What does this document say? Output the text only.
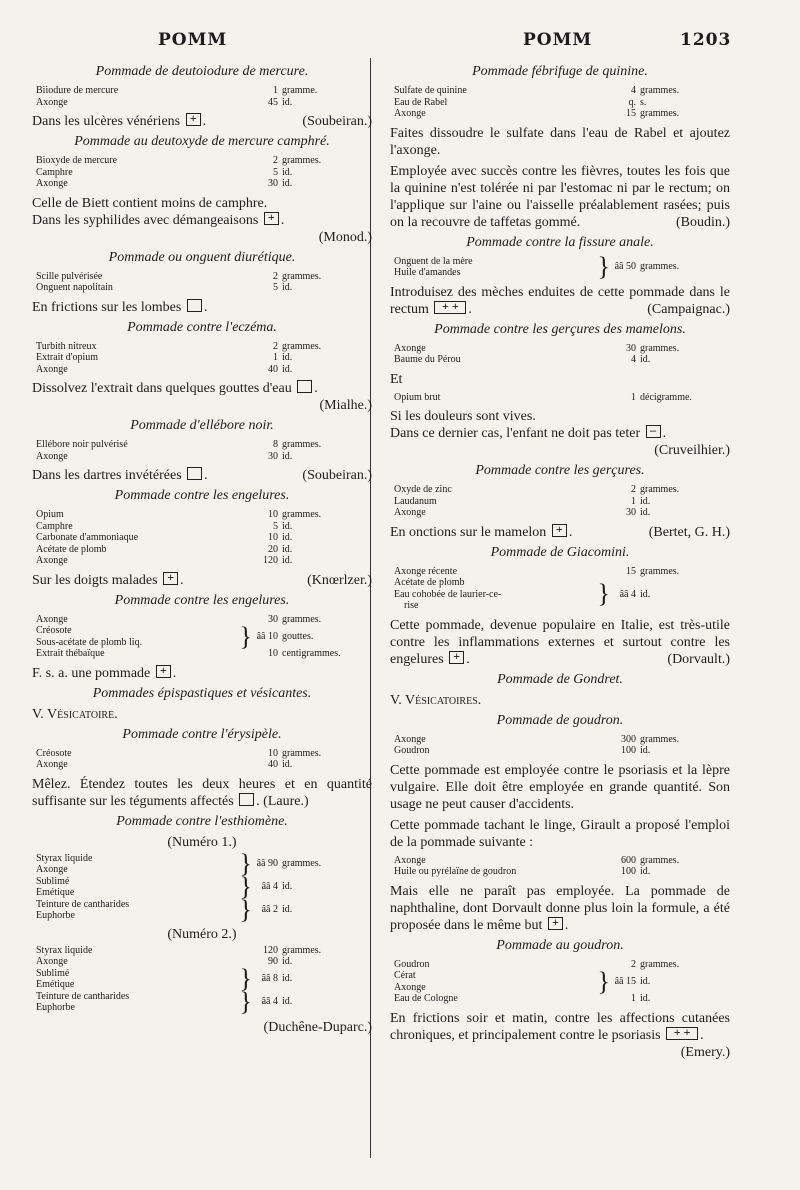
POMM	POMM	1203
Pommade de deutoiodure de mercure.
Biiodure de mercure	1	gramme.
Axonge	45	id.
Dans les ulcères vénériens + .	(Soubeiran.)
Pommade au deutoxyde de mercure camphré.
Bioxyde de mercure	2	grammes.
Camphre	5	id.
Axonge	30	id.
Celle de Biett contient moins de camphre.
Dans les syphilides avec démangeaisons + .
(Monod.)
Pommade ou onguent diurétique.
Scille pulvérisée	2	grammes.
Onguent napolitain	5	id.
En frictions sur les lombes .
Pommade contre l'eczéma.
Turbith nitreux	2	grammes.
Extrait d'opium	1	id.
Axonge	40	id.
Dissolvez l'extrait dans quelques gouttes d'eau .
(Mialhe.)
Pommade d'ellébore noir.
Ellébore noir pulvérisé	8	grammes.
Axonge	30	id.
Dans les dartres invétérées .	(Soubeiran.)
Pommade contre les engelures.
Opium	10	grammes.
Camphre	5	id.
Carbonate d'ammoniaque	10	id.
Acétate de plomb	20	id.
Axonge	120	id.
Sur les doigts malades + .	(Knœrlzer.)
Pommade contre les engelures.
Axonge		30	grammes.
Créosote	}	ââ 10	gouttes.
Sous-acétate de plomb liq.			
Extrait thébaïque		10	centigrammes.
F. s. a. une pommade + .
Pommades épispastiques et vésicantes.
V. Vésicatoire.
Pommade contre l'érysipèle.
Créosote	10	grammes.
Axonge	40	id.
Mêlez. Étendez toutes les deux heures et en quantité suffisante sur les téguments affectés . (Laure.)
Pommade contre l'esthiomène.
(Numéro 1.)
Styrax liquide	}	ââ 90	grammes.
Axonge			
Sublimé	}	ââ 4	id.
Émétique			
Teinture de cantharides	}	ââ 2	id.
Euphorbe			
(Numéro 2.)
Styrax liquide		120	grammes.
Axonge		90	id.
Sublimé	}	ââ 8	id.
Émétique			
Teinture de cantharides	}	ââ 4	id.
Euphorbe			
(Duchêne-Duparc.)
Pommade fébrifuge de quinine.
Sulfate de quinine	4	grammes.
Eau de Rabel	q.	s.
Axonge	15	grammes.
Faites dissoudre le sulfate dans l'eau de Rabel et ajoutez l'axonge.
Employée avec succès contre les fièvres, toutes les fois que la quinine n'est tolérée ni par l'estomac ni par le rectum; on l'applique sur l'aine ou l'aisselle préalablement rasées; puis on la recouvre de taffetas gommé.	(Boudin.)
Pommade contre la fissure anale.
Onguent de la mère	}	ââ 50	grammes.
Huile d'amandes
Introduisez des mèches enduites de cette pommade dans le rectum + +	.	(Campaignac.)
Pommade contre les gerçures des mamelons.
Axonge	30	grammes.
Baume du Pérou	4	id.
Et
Opium brut	1	décigramme.
Si les douleurs sont vives.
Dans ce dernier cas, l'enfant ne doit pas teter – .
(Cruveilhier.)
Pommade contre les gerçures.
Oxyde de zinc	2	grammes.
Laudanum	1	id.
Axonge	30	id.
En onctions sur le mamelon + .	(Bertet, G. H.)
Pommade de Giacomini.
Axonge récente		15	grammes.
Acétate de plomb	}	ââ 4	id.
Eau cohobée de laurier-ce-			
rise			
Cette pommade, devenue populaire en Italie, est très-utile contre les inflammations externes et surtout contre les engelures + .	(Dorvault.)
Pommade de Gondret.
V. Vésicatoires.
Pommade de goudron.
Axonge	300	grammes.
Goudron	100	id.
Cette pommade est employée contre le psoriasis et la lèpre vulgaire. Elle doit être employée en grande quantité. Son usage ne peut causer d'accidents.
Cette pommade tachant le linge, Girault a proposé l'emploi de la pommade suivante :
Axonge	600	grammes.
Huile ou pyrélaïne de goudron	100	id.
Mais elle ne paraît pas employée. La pommade de naphthaline, dont Dorvault donne plus loin la formule, a été proposée dans le même but + .
Pommade au goudron.
Goudron		2	grammes.
Cérat	}	ââ 15	id.
Axonge			
Eau de Cologne		1	id.
En frictions soir et matin, contre les affections cutanées chroniques, et principalement contre le psoriasis + +	.
(Emery.)
